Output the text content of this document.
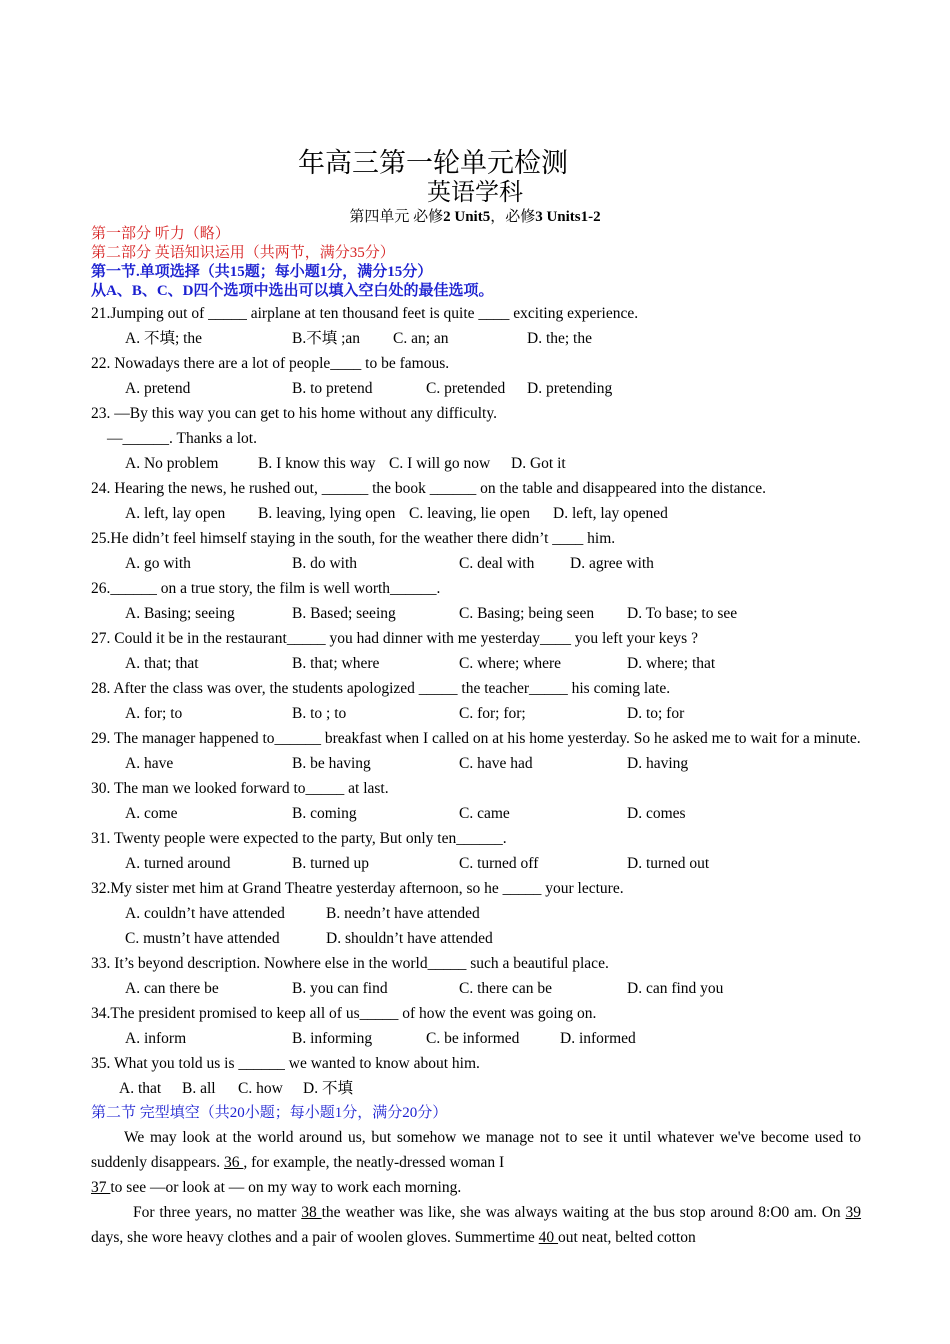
年高三第一轮单元检测
英语学科
第四单元 必修2 Unit5，必修3 Units1-2
第一部分 听力（略）
第二部分 英语知识运用（共两节，满分35分）
第一节.单项选择（共15题；每小题1分，满分15分）
从A、B、C、D四个选项中选出可以填入空白处的最佳选项。
21.Jumping out of _____ airplane at ten thousand feet is quite ____ exciting experience.
A. 不填; the	B.不填 ;an C. an; an	D. the; the
22. Nowadays there are a lot of people____ to be famous.
A. pretend	B. to pretend	C. pretended D. pretending
23. —By this way you can get to his home without any difficulty.
—______. Thanks a lot.
A. No problem	B. I know this way C. I will go now D. Got it
24. Hearing the news, he rushed out, ______ the book ______ on the table and disappeared into the distance.
A. left, lay open B. leaving, lying open C. leaving, lie open D. left, lay opened
25.He didn’t feel himself staying in the south, for the weather there didn’t ____ him.
A. go with	B. do with	C. deal with D. agree with
26.______ on a true story, the film is well worth______.
A. Basing; seeing	B. Based; seeing	C. Basing; being seen D. To base; to see
27. Could it be in the restaurant_____ you had dinner with me yesterday____ you left your keys ?
A. that; that	B. that; where	C. where; where	D. where; that
28. After the class was over, the students apologized _____ the teacher_____ his coming late.
A. for; to	B. to ; to	C. for; for;	D. to; for
29. The manager happened to______ breakfast when I called on at his home yesterday. So he asked me to wait for a minute.
A. have	B. be having	C. have had	D. having
30. The man we looked forward to_____ at last.
A. come	B. coming	C. came	D. comes
31. Twenty people were expected to the party, But only ten______.
A. turned around	B. turned up	C. turned off	D. turned out
32.My sister met him at Grand Theatre yesterday afternoon, so he _____ your lecture.
A. couldn’t have attended	B. needn’t have attended
C. mustn’t have attended	D. shouldn’t have attended
33. It’s beyond description. Nowhere else in the world_____ such a beautiful place.
A. can there be	B. you can find	C. there can be	D. can find you
34.The president promised to keep all of us_____ of how the event was going on.
A. inform	B. informing	C. be informed	D. informed
35. What you told us is ______ we wanted to know about him.
A. that B. all C. how D. 不填
第二节 完型填空（共20小题；每小题1分，满分20分）
We may look at the world around us, but somehow we manage not to see it until whatever we've become used to suddenly disappears. 36 , for example, the neatly-dressed woman I
37 to see —or look at — on my way to work each morning.
For three years, no matter 38 the weather was like, she was always waiting at the bus stop around 8:O0 am. On 39 days, she wore heavy clothes and a pair of woolen gloves. Summertime 40 out neat, belted cotton
